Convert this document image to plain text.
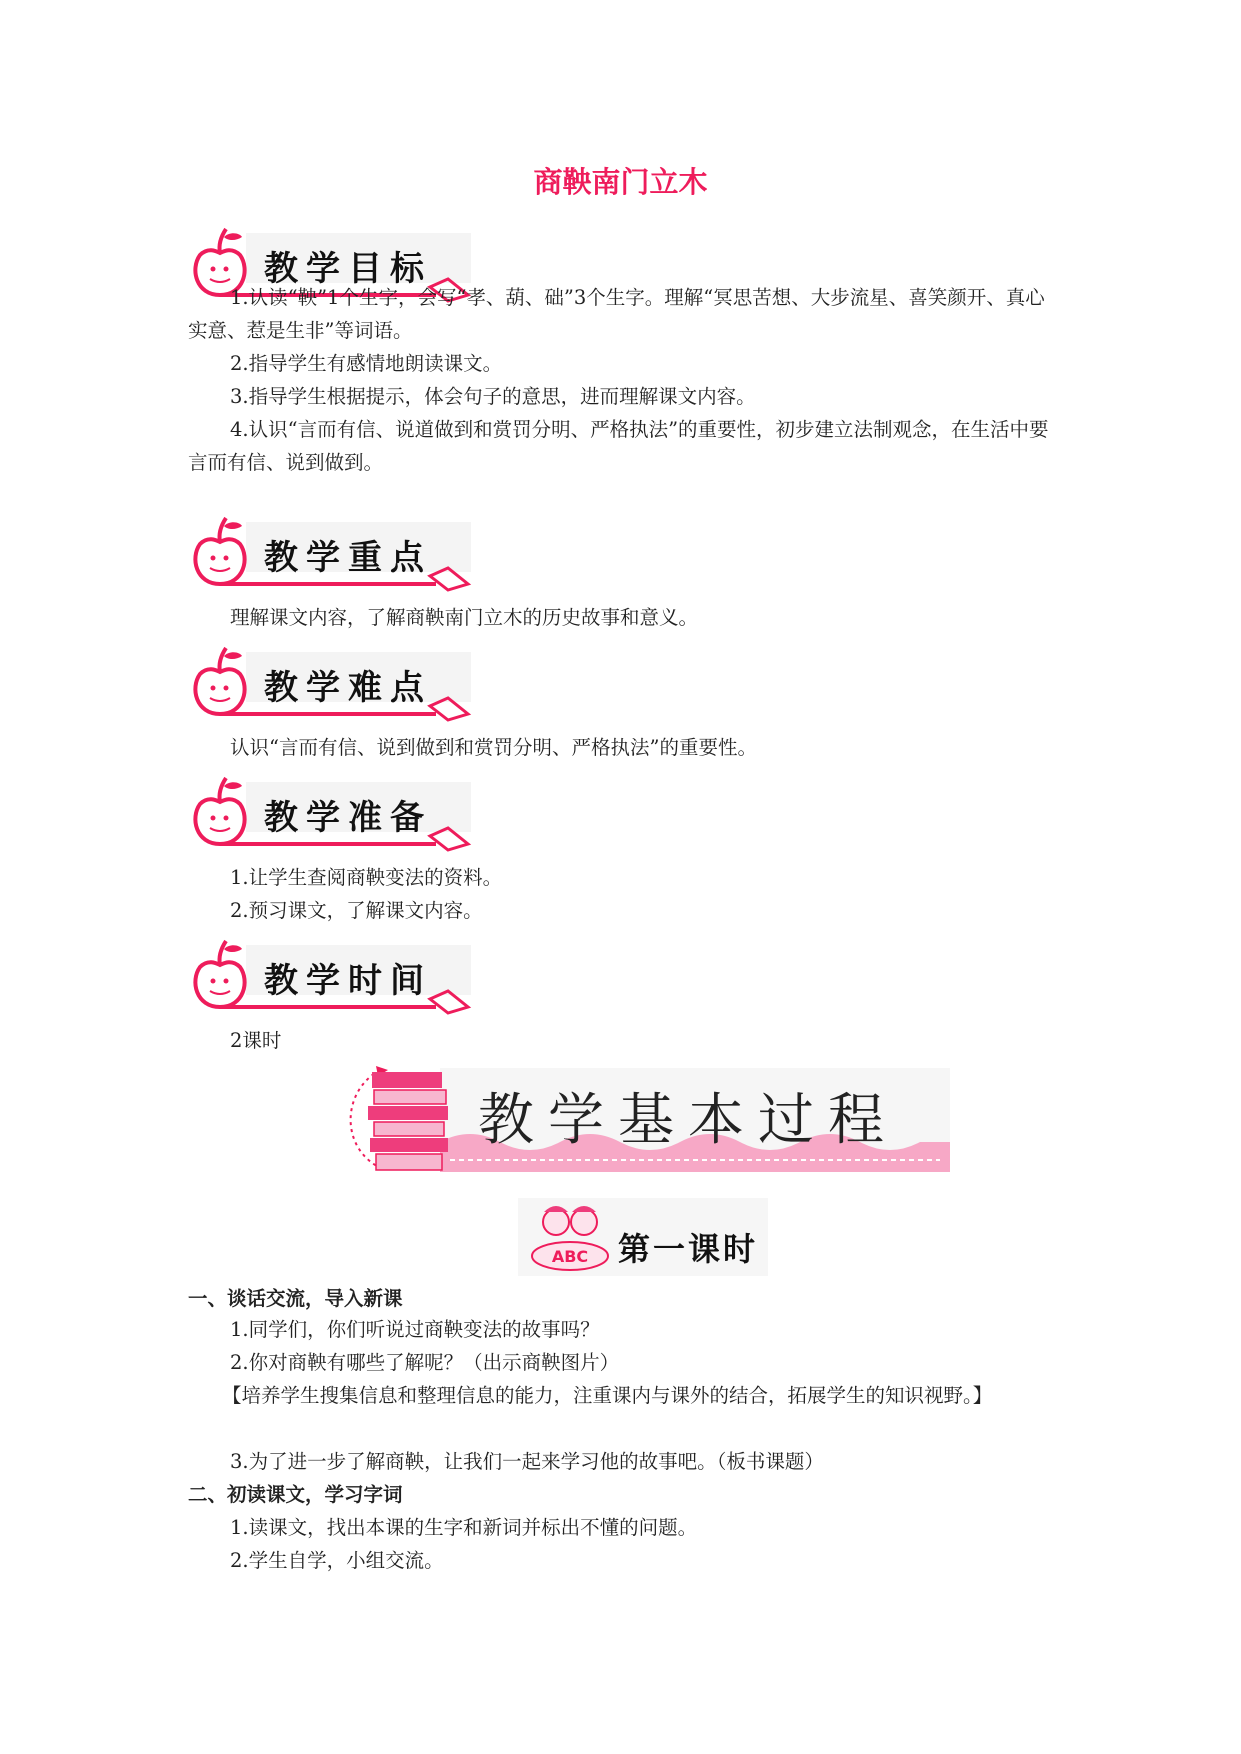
商鞅南门立木
教学目标

1.认读“鞅”1个生字，会写“孝、葫、础”3个生字。理解“冥思苦想、大步流星、喜笑颜开、真心实意、惹是生非”等词语。

2.指导学生有感情地朗读课文。

3.指导学生根据提示，体会句子的意思，进而理解课文内容。

4.认识“言而有信、说道做到和赏罚分明、严格执法”的重要性，初步建立法制观念，在生活中要言而有信、说到做到。

教学重点

理解课文内容，了解商鞅南门立木的历史故事和意义。

教学难点

认识“言而有信、说到做到和赏罚分明、严格执法”的重要性。

教学准备

1.让学生查阅商鞅变法的资料。

2.预习课文，了解课文内容。

教学时间

2课时

教学基本过程
ABC 第一课时

一、谈话交流，导入新课

1.同学们，你们听说过商鞅变法的故事吗？

2.你对商鞅有哪些了解呢？（出示商鞅图片）

【培养学生搜集信息和整理信息的能力，注重课内与课外的结合，拓展学生的知识视野。】

3.为了进一步了解商鞅，让我们一起来学习他的故事吧。（板书课题）

二、初读课文，学习字词

1.读课文，找出本课的生字和新词并标出不懂的问题。

2.学生自学，小组交流。
